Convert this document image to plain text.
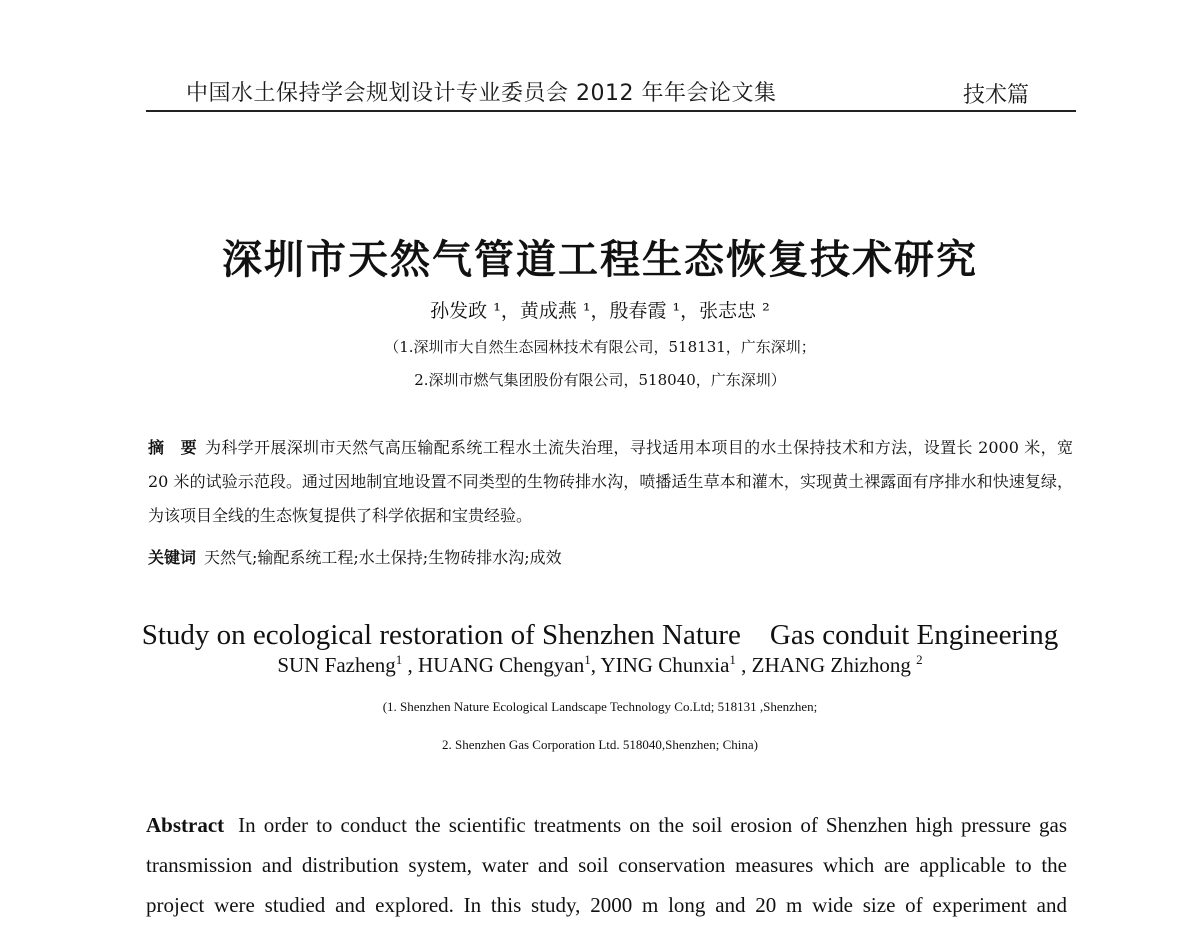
中国水土保持学会规划设计专业委员会 2012 年年会论文集	技术篇
深圳市天然气管道工程生态恢复技术研究
孙发政 ¹，黄成燕 ¹，殷春霞 ¹，张志忠 ²
（1.深圳市大自然生态园林技术有限公司，518131，广东深圳；
2.深圳市燃气集团股份有限公司，518040，广东深圳）
摘　要 为科学开展深圳市天然气高压输配系统工程水土流失治理，寻找适用本项目的水土保持技术和方法，设置长 2000 米，宽 20 米的试验示范段。通过因地制宜地设置不同类型的生物砖排水沟，喷播适生草本和灌木，实现黄土裸露面有序排水和快速复绿，为该项目全线的生态恢复提供了科学依据和宝贵经验。
关键词 天然气;输配系统工程;水土保持;生物砖排水沟;成效
Study on ecological restoration of Shenzhen Nature　Gas conduit Engineering
SUN Fazheng$^1$ , HUANG Chengyan$^1$, YING Chunxia$^1$ , ZHANG Zhizhong $^2$
(1. Shenzhen Nature Ecological Landscape Technology Co.Ltd; 518131 ,Shenzhen;
2. Shenzhen Gas Corporation Ltd. 518040,Shenzhen; China)
Abstract In order to conduct the scientific treatments on the soil erosion of Shenzhen high pressure gas transmission and distribution system, water and soil conservation measures which are applicable to the project were studied and explored. In this study, 2000 m long and 20 m wide size of experiment and
